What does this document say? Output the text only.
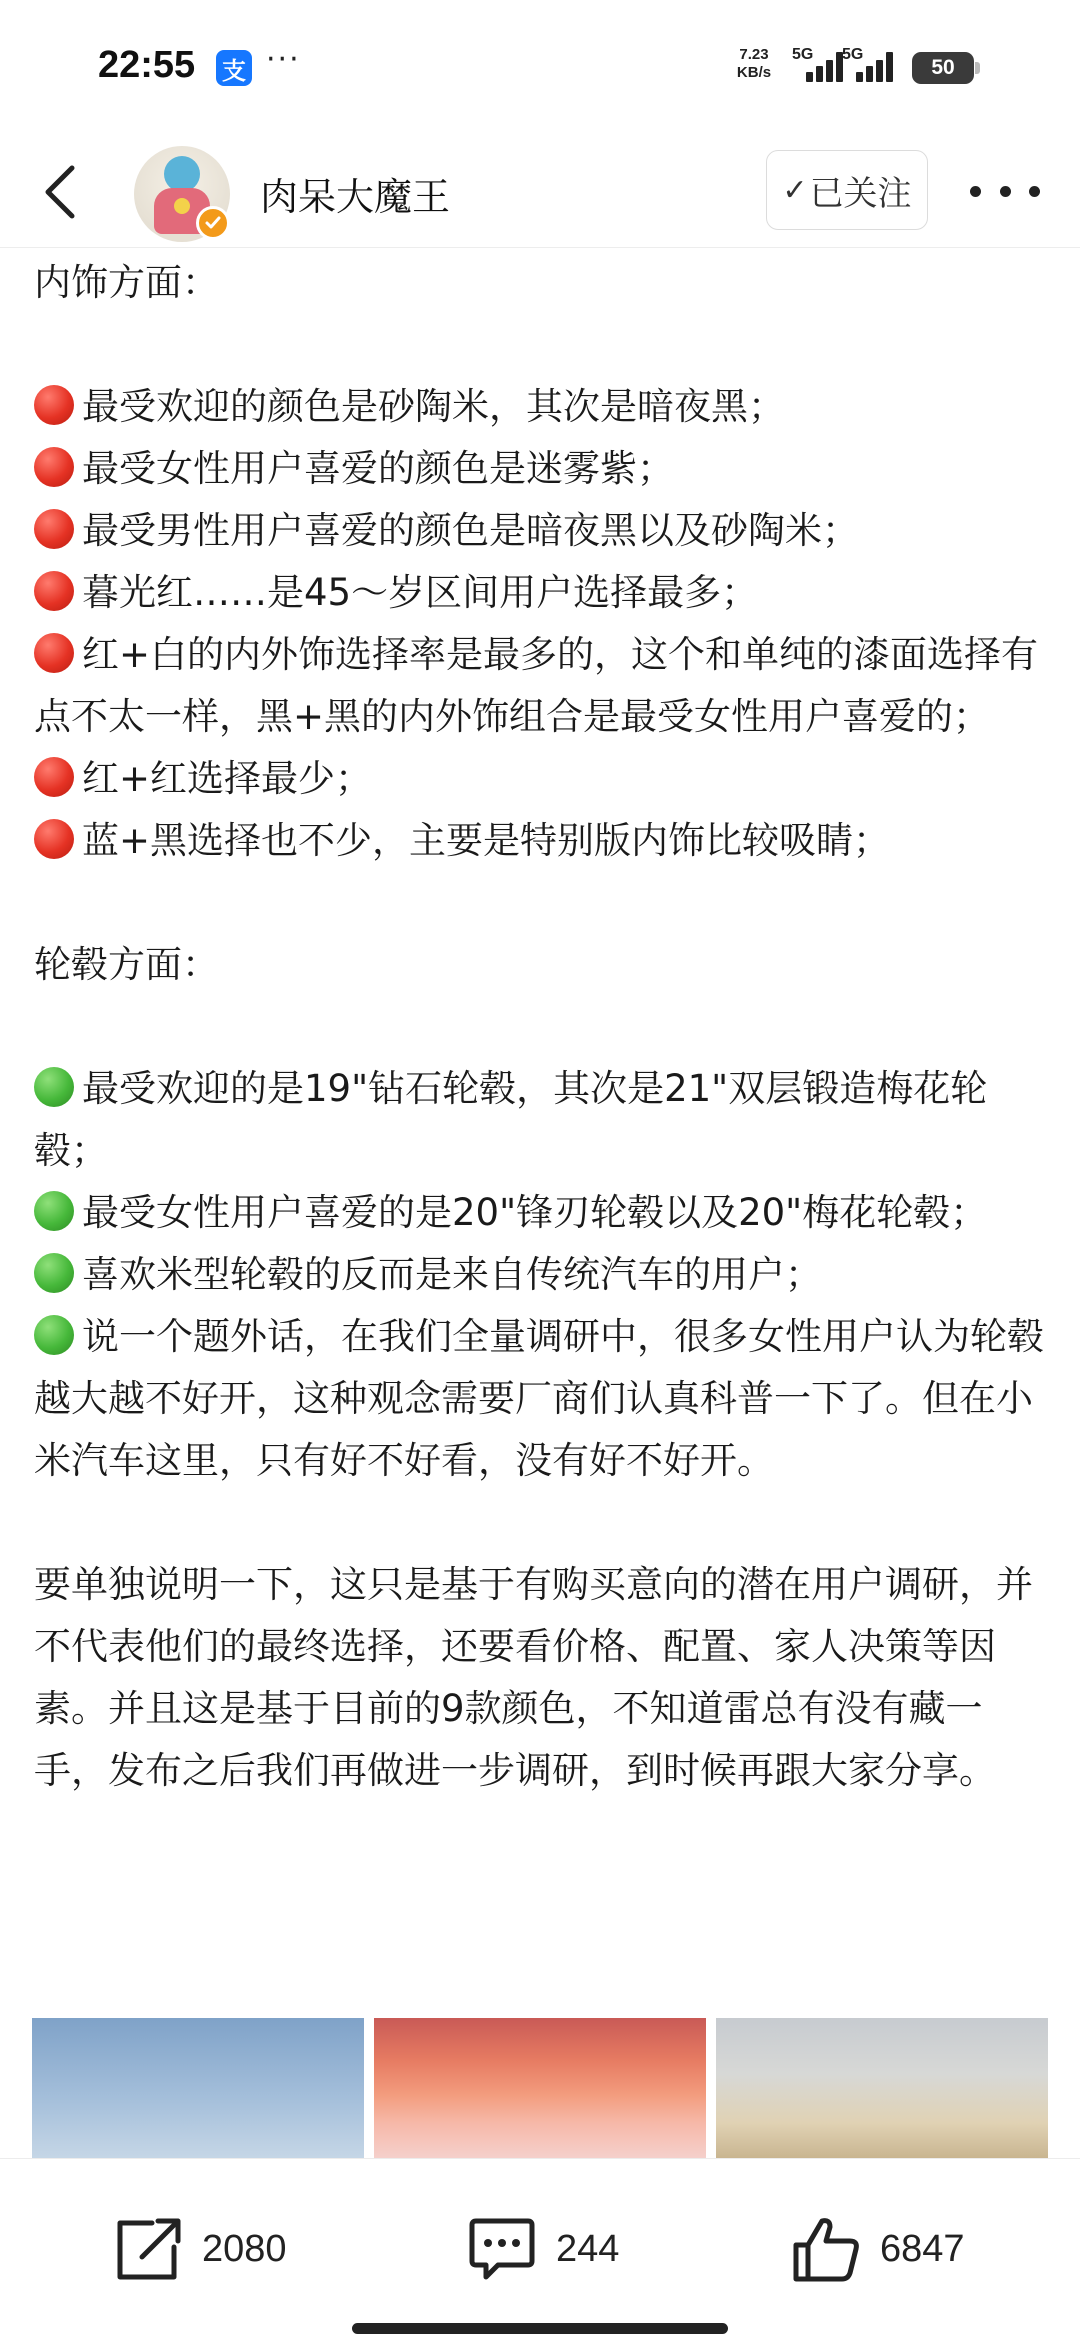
22:55 支 ···	7.23
KB/s
5G 5G
50
肉呆大魔王	✓ 已关注

内饰方面：

最受欢迎的颜色是砂陶米，其次是暗夜黑；

最受女性用户喜爱的颜色是迷雾紫；

最受男性用户喜爱的颜色是暗夜黑以及砂陶米；

暮光红……是45～岁区间用户选择最多；

红+白的内外饰选择率是最多的，这个和单纯的漆面选择有点不太一样，黑+黑的内外饰组合是最受女性用户喜爱的；

红+红选择最少；

蓝+黑选择也不少，主要是特别版内饰比较吸睛；

轮毂方面：

最受欢迎的是19"钻石轮毂，其次是21"双层锻造梅花轮毂；

最受女性用户喜爱的是20"锋刃轮毂以及20"梅花轮毂；

喜欢米型轮毂的反而是来自传统汽车的用户；

说一个题外话，在我们全量调研中，很多女性用户认为轮毂越大越不好开，这种观念需要厂商们认真科普一下了。但在小米汽车这里，只有好不好看，没有好不好开。

要单独说明一下，这只是基于有购买意向的潜在用户调研，并不代表他们的最终选择，还要看价格、配置、家人决策等因素。并且这是基于目前的9款颜色，不知道雷总有没有藏一手，发布之后我们再做进一步调研，到时候再跟大家分享。

2080	244	6847
